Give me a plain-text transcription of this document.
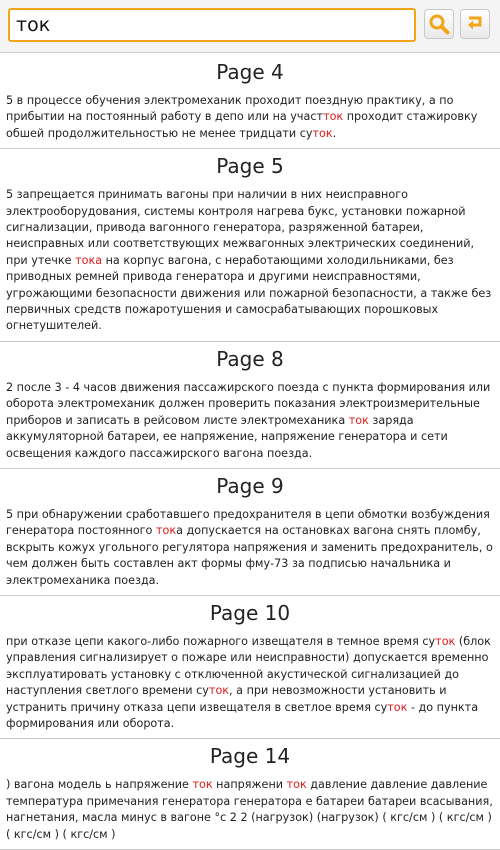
ток
Page 4

5 в процессе обучения электромеханик проходит поездную практику, а по прибытии на постоянный работу в депо или на участток проходит стажировку обшей продолжительностью не менее тридцати суток.

Page 5

5 запрещается принимать вагоны при наличии в них неисправного электрооборудования, системы контроля нагрева букс, установки пожарной сигнализации, привода вагонного генератора, разряженной батареи, неисправных или соответствующих межвагонных электрических соединений, при утечке тока на корпус вагона, с неработающими холодильниками, без приводных ремней привода генератора и другими неисправностями, угрожающими безопасности движения или пожарной безопасности, а также без первичных средств пожаротушения и самосрабатывающих порошковых огнетушителей.

Page 8

2 после 3 - 4 часов движения пассажирского поезда с пункта формирования или оборота электромеханик должен проверить показания электроизмерительные приборов и записать в рейсовом листе электромеханика ток заряда аккумуляторной батареи, ее напряжение, напряжение генератора и сети освещения каждого пассажирского вагона поезда.

Page 9

5 при обнаружении сработавшего предохранителя в цепи обмотки возбуждения генератора постоянного тока допускается на остановках вагона снять пломбу, вскрыть кожух угольного регулятора напряжения и заменить предохранитель, о чем должен быть составлен акт формы фму-73 за подписью начальника и электромеханика поезда.

Page 10

при отказе цепи какого-либо пожарного извещателя в темное время суток (блок управления сигнализирует о пожаре или неисправности) допускается временно эксплуатировать установку с отключенной акустической сигнализацией до наступления светлого времени суток, а при невозможности установить и устранить причину отказа цепи извещателя в светлое время суток - до пункта формирования или оборота.

Page 14

) вагона модель ь напряжение ток напряжени ток давление давление давление температура примечания генератора генератора е батареи батареи всасывания, нагнетания, масла минус в вагоне °с 2 2 (нагрузок) (нагрузок) ( кгс/см ) ( кгс/см ) ( кгс/см ) ( кгс/см )
